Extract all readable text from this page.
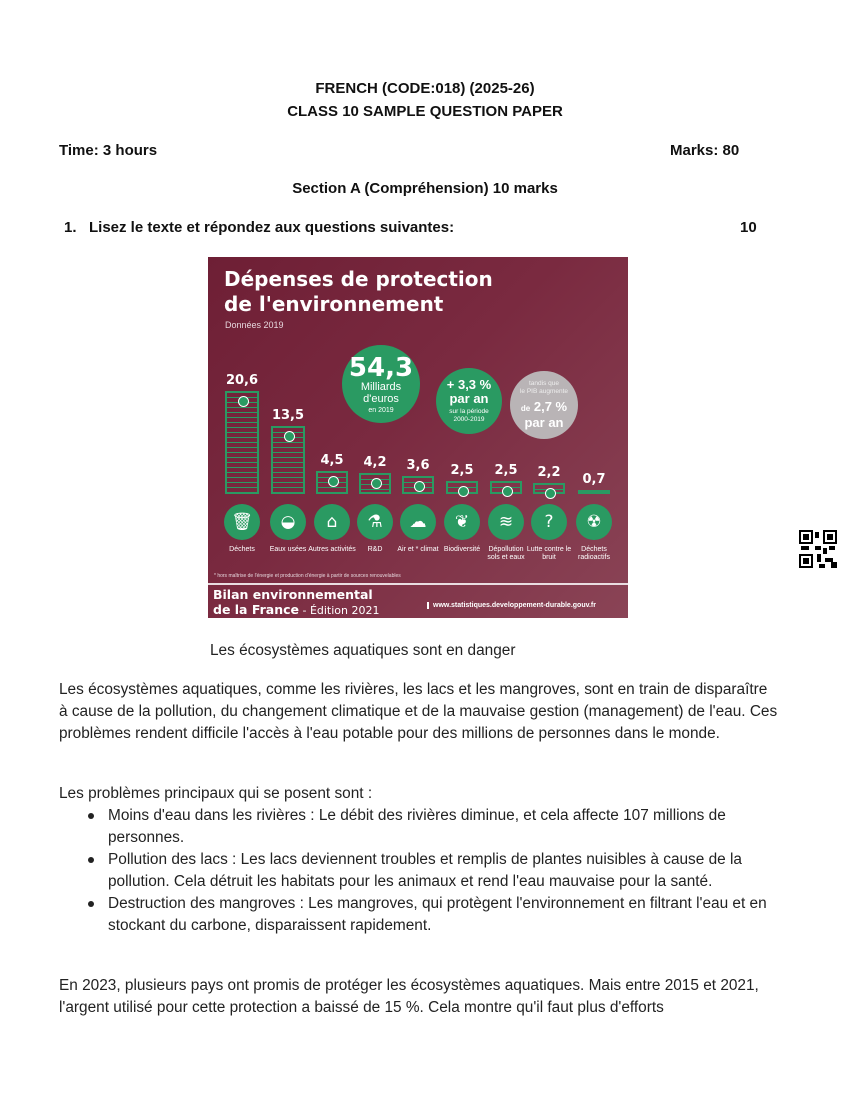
FRENCH (CODE:018) (2025-26)
CLASS 10 SAMPLE QUESTION PAPER
Time: 3 hours	Marks: 80
Section A (Compréhension) 10 marks
1. Lisez le texte et répondez aux questions suivantes:	10
Dépenses de protection
de l'environnement
Données 2019
54,3
Milliards
d'euros
en 2019
+ 3,3 %
par an
sur la période
2000-2019
tandis que
le PIB augmente
de 2,7 %
par an
20,6
🗑
Déchets
13,5
◒
Eaux usées
4,5
⌂
Autres activités
4,2
⚗
R&D
3,6
☁
Air et * climat
2,5
❦
Biodiversité
2,5
≋
Dépollution sols et eaux
2,2
?
Lutte contre le bruit
0,7
☢
Déchets radioactifs
* hors maîtrise de l'énergie et production d'énergie à partir de sources renouvelables
Bilan environnemental
de la France - Édition 2021	www.statistiques.developpement-durable.gouv.fr
Les écosystèmes aquatiques sont en danger
Les écosystèmes aquatiques, comme les rivières, les lacs et les mangroves, sont en train de disparaître à cause de la pollution, du changement climatique et de la mauvaise gestion (management) de l'eau. Ces problèmes rendent difficile l'accès à l'eau potable pour des millions de personnes dans le monde.
Les problèmes principaux qui se posent sont :
Moins d'eau dans les rivières : Le débit des rivières diminue, et cela affecte 107 millions de personnes.
Pollution des lacs : Les lacs deviennent troubles et remplis de plantes nuisibles à cause de la pollution. Cela détruit les habitats pour les animaux et rend l'eau mauvaise pour la santé.
Destruction des mangroves : Les mangroves, qui protègent l'environnement en filtrant l'eau et en stockant du carbone, disparaissent rapidement.
En 2023, plusieurs pays ont promis de protéger les écosystèmes aquatiques. Mais entre 2015 et 2021, l'argent utilisé pour cette protection a baissé de 15 %. Cela montre qu'il faut plus d'efforts
